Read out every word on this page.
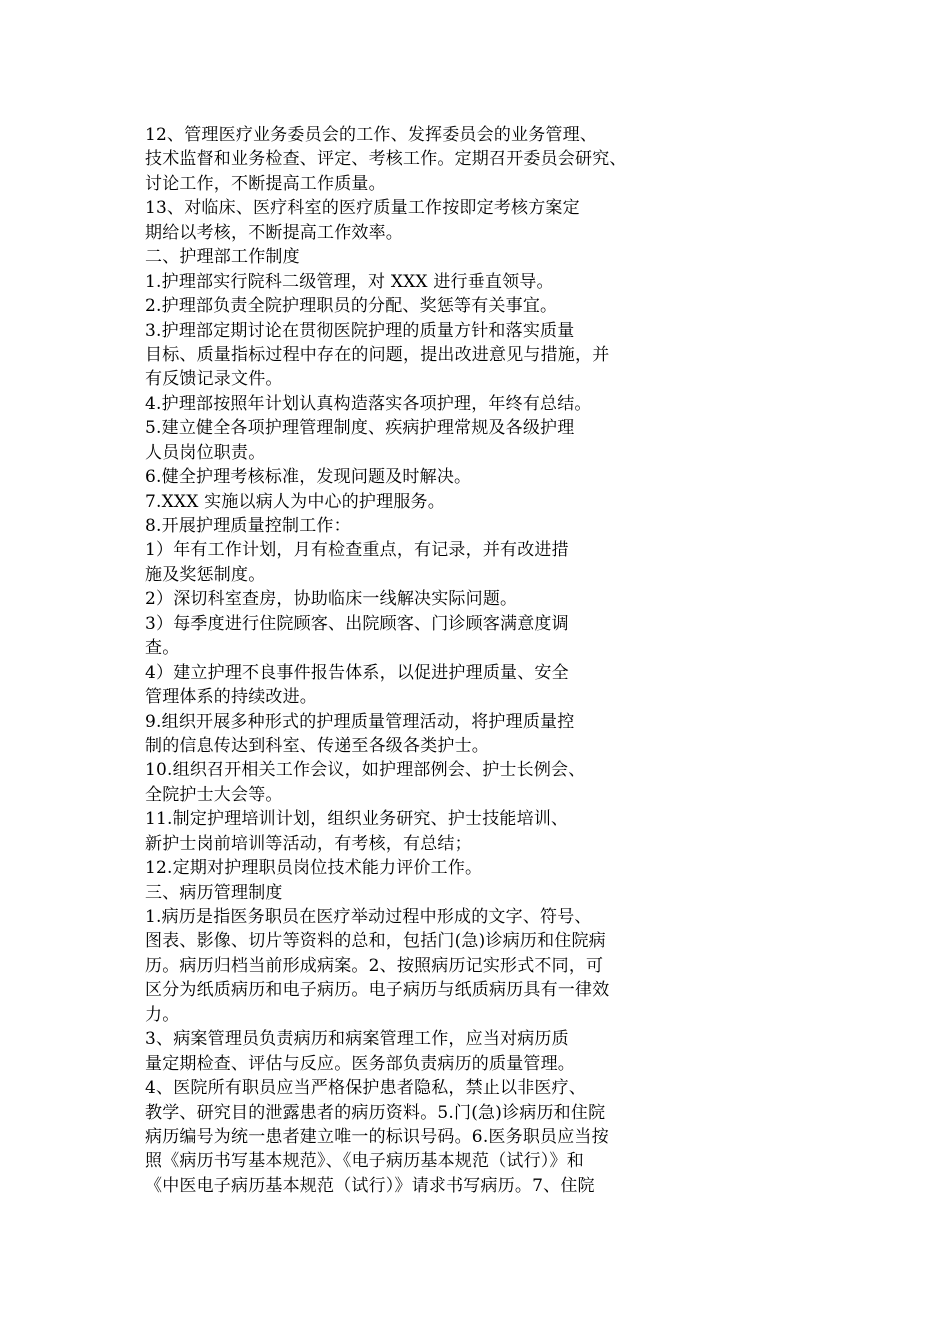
12、管理医疗业务委员会的工作、发挥委员会的业务管理、
技术监督和业务检查、评定、考核工作。定期召开委员会研究、
讨论工作，不断提高工作质量。
13、对临床、医疗科室的医疗质量工作按即定考核方案定
期给以考核，不断提高工作效率。
二、护理部工作制度
1.护理部实行院科二级管理，对 XXX 进行垂直领导。
2.护理部负责全院护理职员的分配、奖惩等有关事宜。
3.护理部定期讨论在贯彻医院护理的质量方针和落实质量
目标、质量指标过程中存在的问题，提出改进意见与措施，并
有反馈记录文件。
4.护理部按照年计划认真构造落实各项护理，年终有总结。
5.建立健全各项护理管理制度、疾病护理常规及各级护理
人员岗位职责。
6.健全护理考核标准，发现问题及时解决。
7.XXX 实施以病人为中心的护理服务。
8.开展护理质量控制工作：
1）年有工作计划，月有检查重点，有记录，并有改进措
施及奖惩制度。
2）深切科室查房，协助临床一线解决实际问题。
3）每季度进行住院顾客、出院顾客、门诊顾客满意度调
查。
4）建立护理不良事件报告体系，以促进护理质量、安全
管理体系的持续改进。
9.组织开展多种形式的护理质量管理活动，将护理质量控
制的信息传达到科室、传递至各级各类护士。
10.组织召开相关工作会议，如护理部例会、护士长例会、
全院护士大会等。
11.制定护理培训计划，组织业务研究、护士技能培训、
新护士岗前培训等活动，有考核，有总结；
12.定期对护理职员岗位技术能力评价工作。
三、病历管理制度
1.病历是指医务职员在医疗举动过程中形成的文字、符号、
图表、影像、切片等资料的总和，包括门(急)诊病历和住院病
历。病历归档当前形成病案。2、按照病历记实形式不同，可
区分为纸质病历和电子病历。电子病历与纸质病历具有一律效
力。
3、病案管理员负责病历和病案管理工作，应当对病历质
量定期检查、评估与反应。医务部负责病历的质量管理。
4、医院所有职员应当严格保护患者隐私，禁止以非医疗、
教学、研究目的泄露患者的病历资料。5.门(急)诊病历和住院
病历编号为统一患者建立唯一的标识号码。6.医务职员应当按
照《病历书写基本规范》、《电子病历基本规范（试行）》和
《中医电子病历基本规范（试行）》请求书写病历。7、住院
